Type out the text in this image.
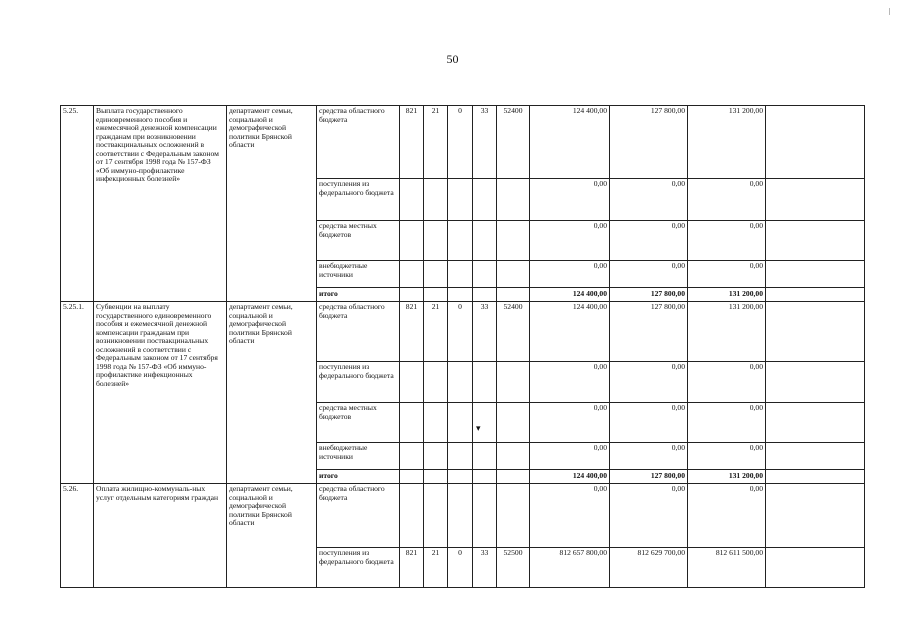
50
5.25.	Выплата государственного единовременного пособия и ежемесячной денежной компенсации гражданам при возникновении поствакцинальных осложнений в соответствии с Федеральным законом от 17 сентября 1998 года № 157-ФЗ «Об иммуно-профилактике инфекционных болезней»	департамент семьи, социальной и демографической политики Брянской области	средства областного бюджета	821	21	0	33	52400	124 400,00	127 800,00	131 200,00	
			поступления из федерального бюджета						0,00	0,00	0,00	
			средства местных бюджетов						0,00	0,00	0,00	
			внебюджетные источники						0,00	0,00	0,00	
			итого						124 400,00	127 800,00	131 200,00	
5.25.1.	Субвенции на выплату государственного единовременного пособия и ежемесячной денежной компенсации гражданам при возникновении поствакцинальных осложнений в соответствии с Федеральным законом от 17 сентября 1998 года № 157-ФЗ «Об иммуно-профилактике инфекционных болезней»	департамент семьи, социальной и демографической политики Брянской области	средства областного бюджета	821	21	0	33	52400	124 400,00	127 800,00	131 200,00	
			поступления из федерального бюджета						0,00	0,00	0,00	
			средства местных бюджетов						0,00	0,00	0,00	
			внебюджетные источники						0,00	0,00	0,00	
			итого						124 400,00	127 800,00	131 200,00	
5.26.	Оплата жилищно-коммуналь-ных услуг отдельным категориям граждан	департамент семьи, социальной и демографической политики Брянской области	средства областного бюджета						0,00	0,00	0,00	
			поступления из федерального бюджета	821	21	0	33	52500	812 657 800,00	812 629 700,00	812 611 500,00	
▾
